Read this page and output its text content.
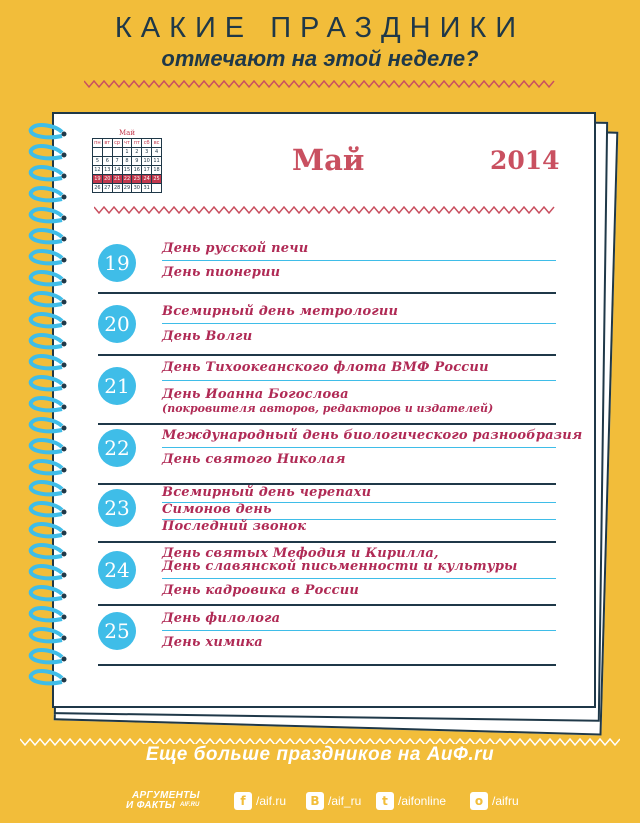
КАКИЕ ПРАЗДНИКИ
отмечают на этой неделе?
Май
пн	вт	ср	чт	пт	сб	вс
			1	2	3	4
5	6	7	8	9	10	11
12	13	14	15	16	17	18
19	20	21	22	23	24	25
26	27	28	29	30	31	
Май	2014
19
День русской печи
День пионерии
20
Всемирный день метрологии
День Волги
21
День Тихоокеанского флота ВМФ России
День Иоанна Богослова
(покровителя авторов, редакторов и издателей)
22
Международный день биологического разнообразия
День святого Николая
23
Всемирный день черепахи
Симонов день
Последний звонок
24
День святых Мефодия и Кирилла,
День славянской письменности и культуры
День кадровика в России
25
День филолога
День химика
Еще больше праздников на АиФ.ru
АРГУМЕНТЫ
И ФАКТЫ AIF.RU	f /aif.ru	В /aif_ru	t /aifonline	о /aifru
